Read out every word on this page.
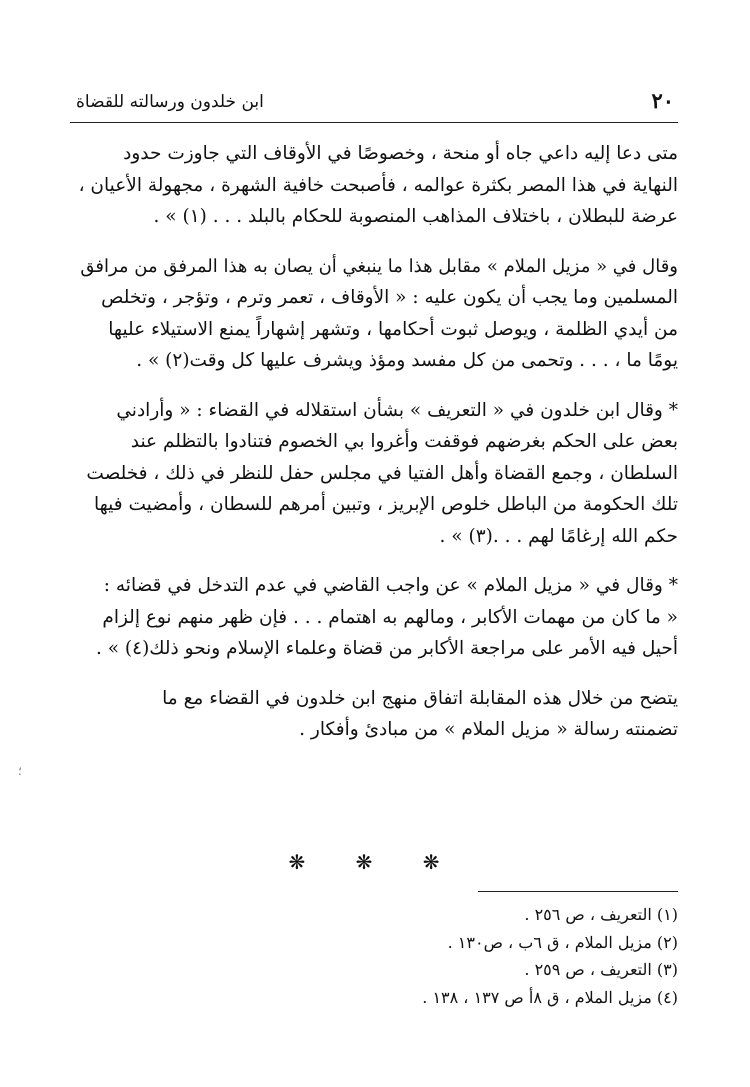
٢٠
ابن خلدون ورسالته للقضاة
متى دعا إليه داعي جاه أو منحة ، وخصوصًا في الأوقاف التي جاوزت حدود
النهاية في هذا المصر بكثرة عوالمه ، فأصبحت خافية الشهرة ، مجهولة الأعيان ،
عرضة للبطلان ، باختلاف المذاهب المنصوبة للحكام بالبلد . . . (١) » .
وقال في « مزيل الملام » مقابل هذا ما ينبغي أن يصان به هذا المرفق من مرافق
المسلمين وما يجب أن يكون عليه : « الأوقاف ، تعمر وترم ، وتؤجر ، وتخلص
من أيدي الظلمة ، ويوصل ثبوت أحكامها ، وتشهر إشهاراً يمنع الاستيلاء عليها
يومًا ما ، . . . وتحمى من كل مفسد ومؤذ ويشرف عليها كل وقت(٢) » .
* وقال ابن خلدون في « التعريف » بشأن استقلاله في القضاء : « وأرادني
بعض على الحكم بغرضهم فوقفت وأغروا بي الخصوم فتنادوا بالتظلم عند
السلطان ، وجمع القضاة وأهل الفتيا في مجلس حفل للنظر في ذلك ، فخلصت
تلك الحكومة من الباطل خلوص الإبريز ، وتبين أمرهم للسطان ، وأمضيت فيها
حكم الله إرغامًا لهم . . .(٣) » .
* وقال في « مزيل الملام » عن واجب القاضي في عدم التدخل في قضائه :
« ما كان من مهمات الأكابر ، ومالهم به اهتمام . . . فإن ظهر منهم نوع إلزام
أحيل فيه الأمر على مراجعة الأكابر من قضاة وعلماء الإسلام ونحو ذلك(٤) » .
يتضح من خلال هذه المقابلة اتفاق منهج ابن خلدون في القضاء مع ما
تضمنته رسالة « مزيل الملام » من مبادئ وأفكار .
❋ ❋ ❋
(١) التعريف ، ص ٢٥٦ .
(٢) مزيل الملام ، ق ٦ب ، ص١٣٠ .
(٣) التعريف ، ص ٢٥٩ .
(٤) مزيل الملام ، ق ٨أ ص ١٣٧ ، ١٣٨ .
؛
